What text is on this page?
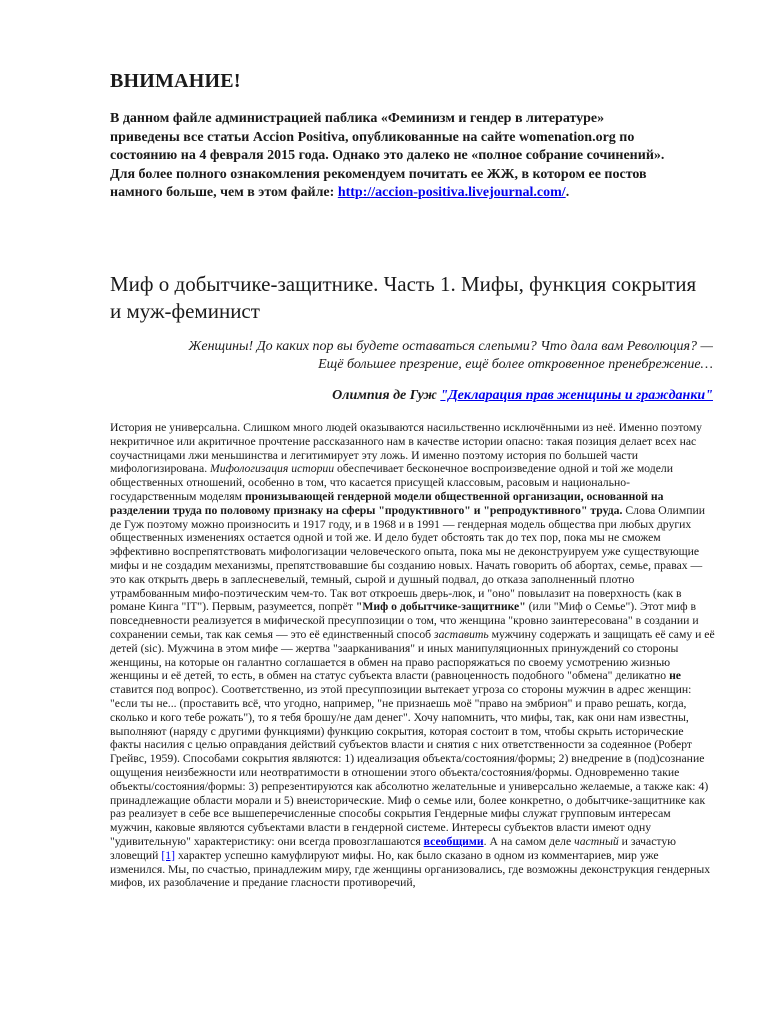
ВНИМАНИЕ!

В данном файле администрацией паблика «Феминизм и гендер в литературе» приведены все статьи Accion Positiva, опубликованные на сайте womenation.org по состоянию на 4 февраля 2015 года. Однако это далеко не «полное собрание сочинений». Для более полного ознакомления рекомендуем почитать ее ЖЖ, в котором ее постов намного больше, чем в этом файле: http://accion-positiva.livejournal.com/.

Миф о добытчике-защитнике. Часть 1. Мифы, функция сокрытия и муж-феминист

Женщины! До каких пор вы будете оставаться слепыми? Что дала вам Революция? —
Ещё большее презрение, ещё более откровенное пренебрежение…

Олимпия де Гуж "Декларация прав женщины и гражданки"

История не универсальна. Слишком много людей оказываются насильственно исключёнными из неё. Именно поэтому некритичное или акритичное прочтение рассказанного нам в качестве истории опасно: такая позиция делает всех нас соучастницами лжи меньшинства и легитимирует эту ложь. И именно поэтому история по большей части мифологизирована. Мифологизация истории обеспечивает бесконечное воспроизведение одной и той же модели общественных отношений, особенно в том, что касается присущей классовым, расовым и национально-государственным моделям пронизывающей гендерной модели общественной организации, основанной на разделении труда по половому признаку на сферы "продуктивного" и "репродуктивного" труда. Слова Олимпии де Гуж поэтому можно произносить и 1917 году, и в 1968 и в 1991 — гендерная модель общества при любых других общественных изменениях остается одной и той же. И дело будет обстоять так до тех пор, пока мы не сможем эффективно воспрепятствовать мифологизации человеческого опыта, пока мы не деконструируем уже существующие мифы и не создадим механизмы, препятствовавшие бы созданию новых. Начать говорить об абортах, семье, правах — это как открыть дверь в заплесневелый, темный, сырой и душный подвал, до отказа заполненный плотно утрамбованным мифо-поэтическим чем-то. Так вот откроешь дверь-люк, и "оно" повылазит на поверхность (как в романе Кинга "IT"). Первым, разумеется, попрёт "Миф о добытчике-защитнике" (или "Миф о Семье"). Этот миф в повседневности реализуется в мифической пресуппозиции о том, что женщина "кровно заинтересована" в создании и сохранении семьи, так как семья — это её единственный способ заставить мужчину содержать и защищать её саму и её детей (sic). Мужчина в этом мифе — жертва "заарканивания" и иных манипуляционных принуждений со стороны женщины, на которые он галантно соглашается в обмен на право распоряжаться по своему усмотрению жизнью женщины и её детей, то есть, в обмен на статус субъекта власти (равноценность подобного "обмена" деликатно не ставится под вопрос). Соответственно, из этой пресуппозиции вытекает угроза со стороны мужчин в адрес женщин: "если ты не... (проставить всё, что угодно, например, "не признаешь моё "право на эмбрион" и право решать, когда, сколько и кого тебе рожать"), то я тебя брошу/не дам денег". Хочу напомнить, что мифы, так, как они нам известны, выполняют (наряду с другими функциями) функцию сокрытия, которая состоит в том, чтобы скрыть исторические факты насилия с целью оправдания действий субъектов власти и снятия с них ответственности за содеянное (Роберт Грейвс, 1959). Способами сокрытия являются: 1) идеализация объекта/состояния/формы; 2) внедрение в (под)сознание ощущения неизбежности или неотвратимости в отношении этого объекта/состояния/формы. Одновременно такие объекты/состояния/формы: 3) репрезентируются как абсолютно желательные и универсально желаемые, а также как: 4) принадлежащие области морали и 5) внеисторические. Миф о семье или, более конкретно, о добытчике-защитнике как раз реализует в себе все вышеперечисленные способы сокрытия Гендерные мифы служат групповым интересам мужчин, каковые являются субъектами власти в гендерной системе. Интересы субъектов власти имеют одну "удивительную" характеристику: они всегда провозглашаются всеобщими. А на самом деле частный и зачастую зловещий [1] характер успешно камуфлируют мифы. Но, как было сказано в одном из комментариев, мир уже изменился. Мы, по счастью, принадлежим миру, где женщины организовались, где возможны деконструкция гендерных мифов, их разоблачение и предание гласности противоречий,
